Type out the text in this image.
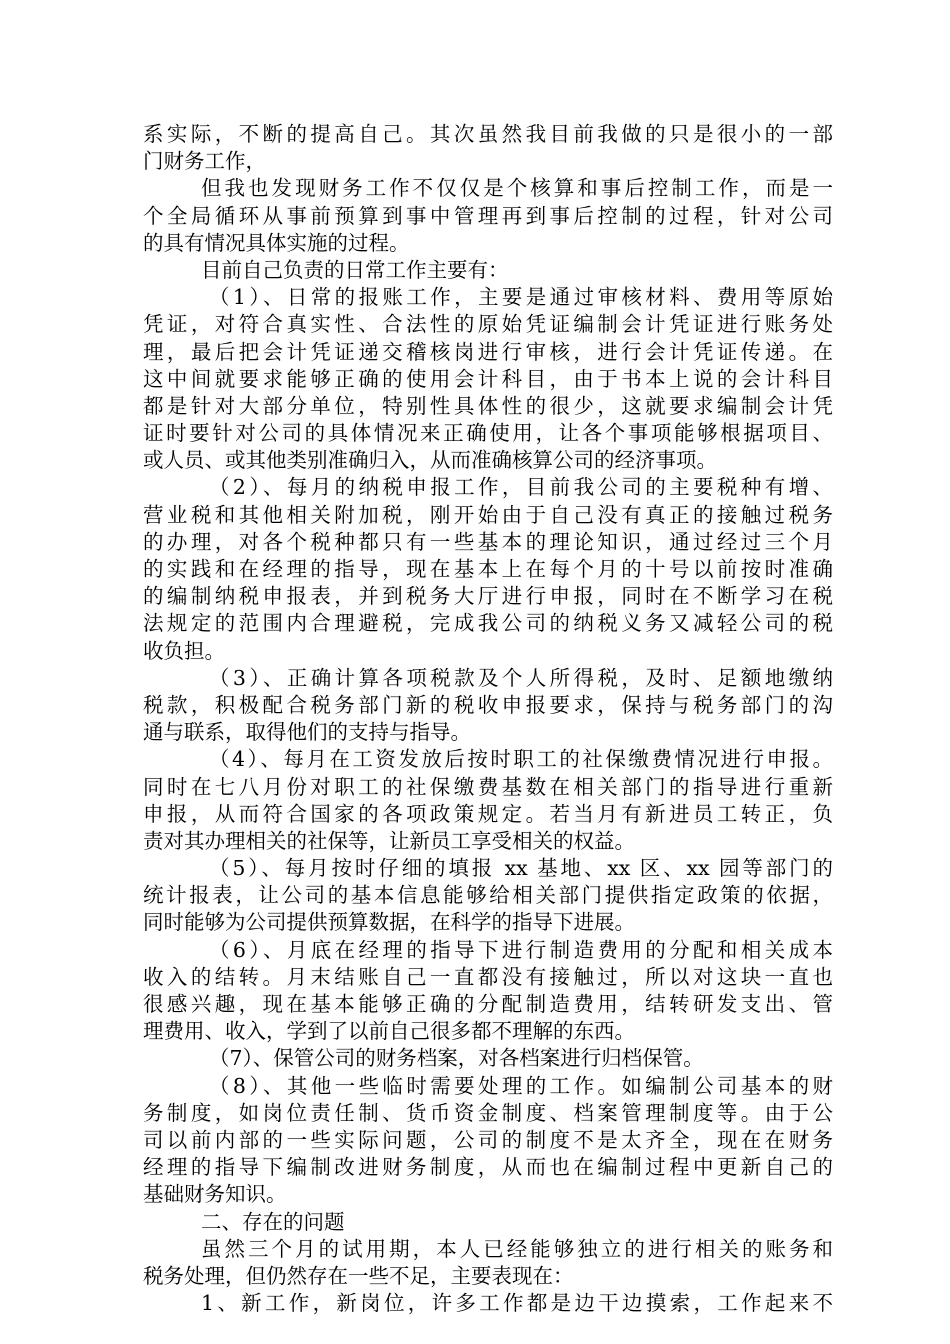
系实际，不断的提高自己。其次虽然我目前我做的只是很小的一部
门财务工作，
但我也发现财务工作不仅仅是个核算和事后控制工作，而是一
个全局循环从事前预算到事中管理再到事后控制的过程，针对公司
的具有情况具体实施的过程。
目前自己负责的日常工作主要有：
（1）、日常的报账工作，主要是通过审核材料、费用等原始
凭证，对符合真实性、合法性的原始凭证编制会计凭证进行账务处
理，最后把会计凭证递交稽核岗进行审核，进行会计凭证传递。在
这中间就要求能够正确的使用会计科目，由于书本上说的会计科目
都是针对大部分单位，特别性具体性的很少，这就要求编制会计凭
证时要针对公司的具体情况来正确使用，让各个事项能够根据项目、
或人员、或其他类别准确归入，从而准确核算公司的经济事项。
（2）、每月的纳税申报工作，目前我公司的主要税种有增、
营业税和其他相关附加税，刚开始由于自己没有真正的接触过税务
的办理，对各个税种都只有一些基本的理论知识，通过经过三个月
的实践和在经理的指导，现在基本上在每个月的十号以前按时准确
的编制纳税申报表，并到税务大厅进行申报，同时在不断学习在税
法规定的范围内合理避税，完成我公司的纳税义务又减轻公司的税
收负担。
（3）、正确计算各项税款及个人所得税，及时、足额地缴纳
税款，积极配合税务部门新的税收申报要求，保持与税务部门的沟
通与联系，取得他们的支持与指导。
（4）、每月在工资发放后按时职工的社保缴费情况进行申报。
同时在七八月份对职工的社保缴费基数在相关部门的指导进行重新
申报，从而符合国家的各项政策规定。若当月有新进员工转正，负
责对其办理相关的社保等，让新员工享受相关的权益。
（5）、每月按时仔细的填报 xx 基地、xx 区、xx 园等部门的
统计报表，让公司的基本信息能够给相关部门提供指定政策的依据，
同时能够为公司提供预算数据，在科学的指导下进展。
（6）、月底在经理的指导下进行制造费用的分配和相关成本
收入的结转。月末结账自己一直都没有接触过，所以对这块一直也
很感兴趣，现在基本能够正确的分配制造费用，结转研发支出、管
理费用、收入，学到了以前自己很多都不理解的东西。
（7）、保管公司的财务档案，对各档案进行归档保管。
（8）、其他一些临时需要处理的工作。如编制公司基本的财
务制度，如岗位责任制、货币资金制度、档案管理制度等。由于公
司以前内部的一些实际问题，公司的制度不是太齐全，现在在财务
经理的指导下编制改进财务制度，从而也在编制过程中更新自己的
基础财务知识。
二、存在的问题
虽然三个月的试用期，本人已经能够独立的进行相关的账务和
税务处理，但仍然存在一些不足，主要表现在：
1、新工作，新岗位，许多工作都是边干边摸索，工作起来不
